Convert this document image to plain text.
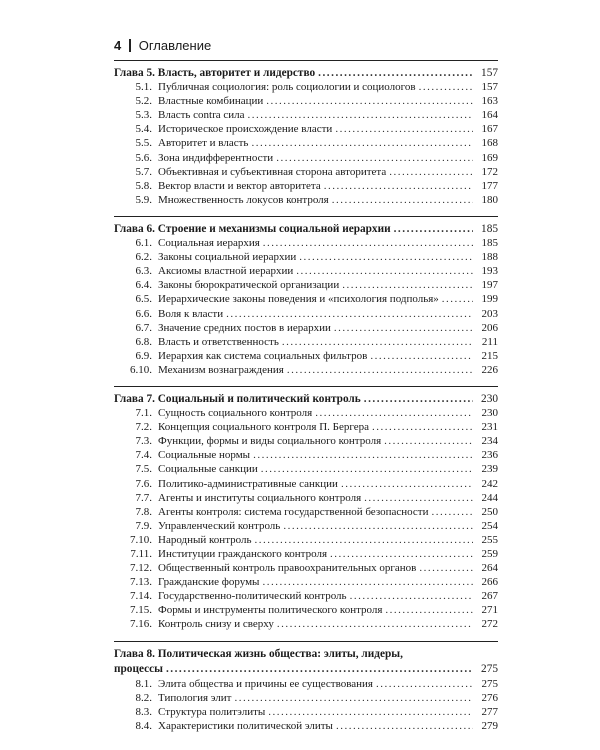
4 Оглавление
Глава 5. Власть, авторитет и лидерство .....	157
5.1. Публичная социология: роль социологии и социологов .....	157
5.2. Властные комбинации .....	163
5.3. Власть contra сила .....	164
5.4. Историческое происхождение власти .....	167
5.5. Авторитет и власть .....	168
5.6. Зона индифферентности .....	169
5.7. Объективная и субъективная сторона авторитета .....	172
5.8. Вектор власти и вектор авторитета .....	177
5.9. Множественность локусов контроля .....	180
Глава 6. Строение и механизмы социальной иерархии .....	185
6.1. Социальная иерархия .....	185
6.2. Законы социальной иерархии .....	188
6.3. Аксиомы властной иерархии .....	193
6.4. Законы бюрократической организации .....	197
6.5. Иерархические законы поведения и «психология подполья» .....	199
6.6. Воля к власти .....	203
6.7. Значение средних постов в иерархии .....	206
6.8. Власть и ответственность .....	211
6.9. Иерархия как система социальных фильтров .....	215
6.10. Механизм вознаграждения .....	226
Глава 7. Социальный и политический контроль .....	230
7.1. Сущность социального контроля .....	230
7.2. Концепция социального контроля П. Бергера .....	231
7.3. Функции, формы и виды социального контроля .....	234
7.4. Социальные нормы .....	236
7.5. Социальные санкции .....	239
7.6. Политико-административные санкции .....	242
7.7. Агенты и институты социального контроля .....	244
7.8. Агенты контроля: система государственной безопасности .....	250
7.9. Управленческий контроль .....	254
7.10. Народный контроль .....	255
7.11. Институции гражданского контроля .....	259
7.12. Общественный контроль правоохранительных органов .....	264
7.13. Гражданские форумы .....	266
7.14. Государственно-политический контроль .....	267
7.15. Формы и инструменты политического контроля .....	271
7.16. Контроль снизу и сверху .....	272
Глава 8. Политическая жизнь общества: элиты, лидеры,
процессы .....	275
8.1. Элита общества и причины ее существования .....	275
8.2. Типология элит .....	276
8.3. Структура политэлиты .....	277
8.4. Характеристики политической элиты .....	279
